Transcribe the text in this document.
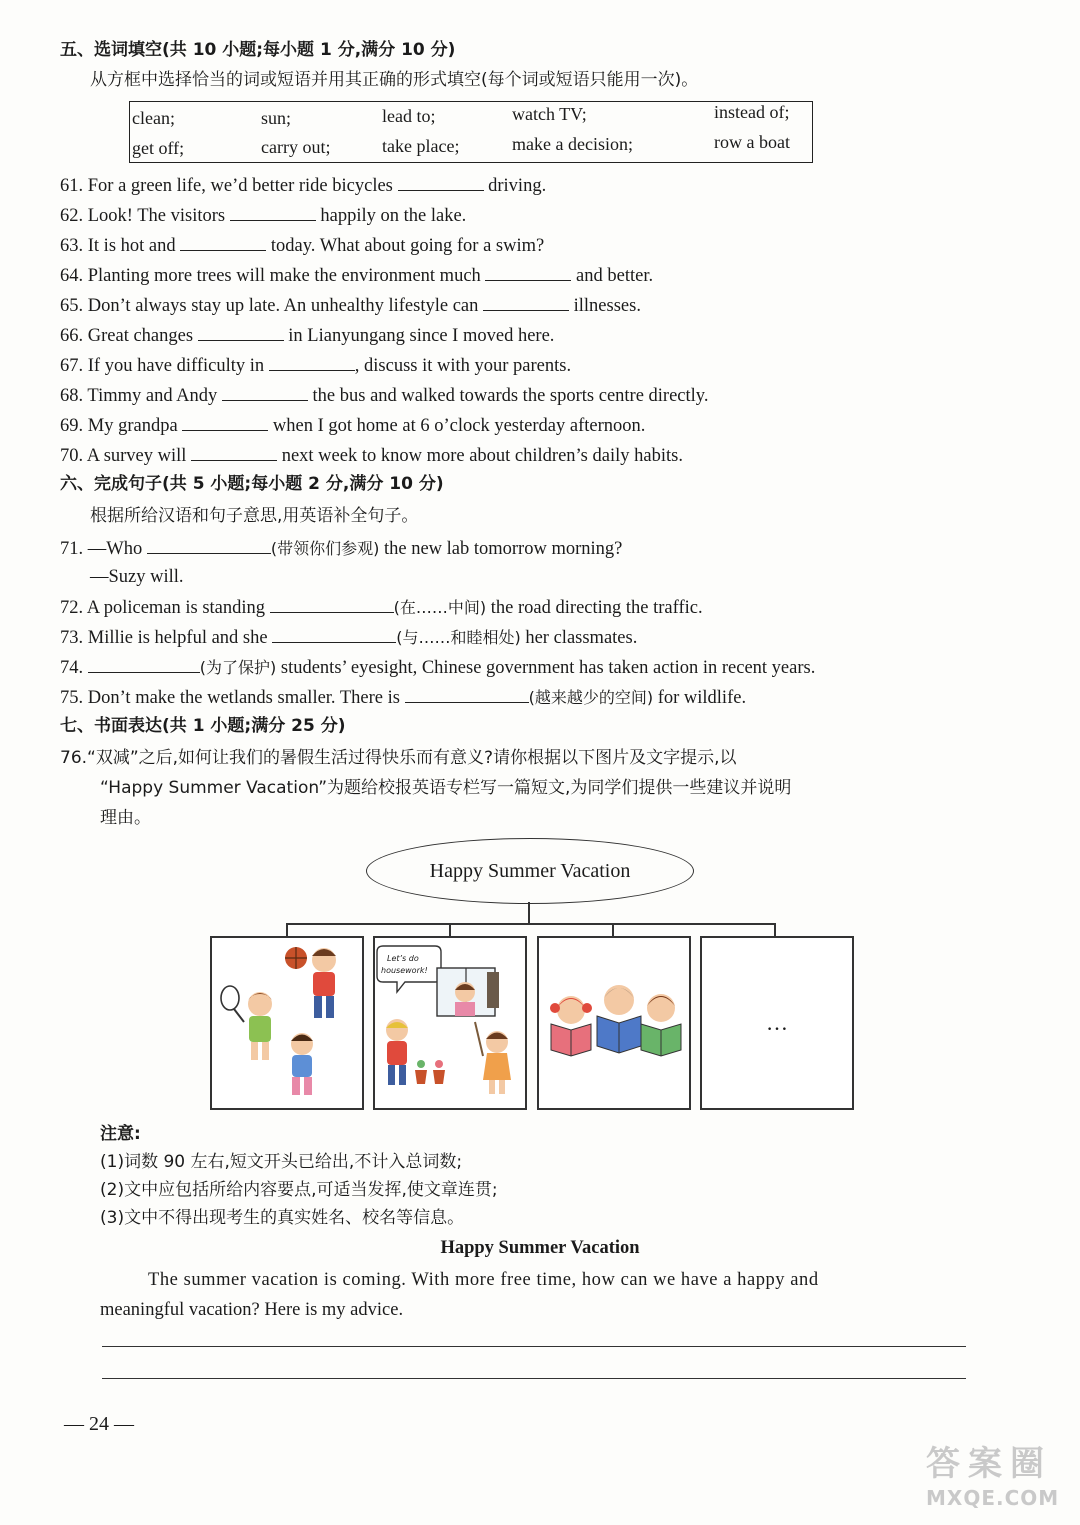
五、选词填空(共 10 小题;每小题 1 分,满分 10 分)
从方框中选择恰当的词或短语并用其正确的形式填空(每个词或短语只能用一次)。
clean;	sun;	lead to;	watch TV;	instead of;
get off;	carry out;	take place;	make a decision;	row a boat
61. For a green life, we’d better ride bicycles	driving.
62. Look! The visitors	happily on the lake.
63. It is hot and	today. What about going for a swim?
64. Planting more trees will make the environment much	and better.
65. Don’t always stay up late. An unhealthy lifestyle can	illnesses.
66. Great changes	in Lianyungang since I moved here.
67. If you have difficulty in	, discuss it with your parents.
68. Timmy and Andy	the bus and walked towards the sports centre directly.
69. My grandpa	when I got home at 6 o’clock yesterday afternoon.
70. A survey will	next week to know more about children’s daily habits.
六、完成句子(共 5 小题;每小题 2 分,满分 10 分)
根据所给汉语和句子意思,用英语补全句子。
71. —Who	(带领你们参观) the new lab tomorrow morning?
—Suzy will.
72. A policeman is standing	(在……中间) the road directing the traffic.
73. Millie is helpful and she	(与……和睦相处) her classmates.
74.	(为了保护) students’ eyesight, Chinese government has taken action in recent years.
75. Don’t make the wetlands smaller. There is	(越来越少的空间) for wildlife.
七、书面表达(共 1 小题;满分 25 分)
76.“双减”之后,如何让我们的暑假生活过得快乐而有意义?请你根据以下图片及文字提示,以
“Happy Summer Vacation”为题给校报英语专栏写一篇短文,为同学们提供一些建议并说明
理由。
Happy Summer Vacation
Let’s do
housework!
…
注意:
(1)词数 90 左右,短文开头已给出,不计入总词数;
(2)文中应包括所给内容要点,可适当发挥,使文章连贯;
(3)文中不得出现考生的真实姓名、校名等信息。
Happy Summer Vacation
The summer vacation is coming. With more free time, how can we have a happy and
meaningful vacation? Here is my advice.
— 24 —
答 案 圈
MXQE.COM
